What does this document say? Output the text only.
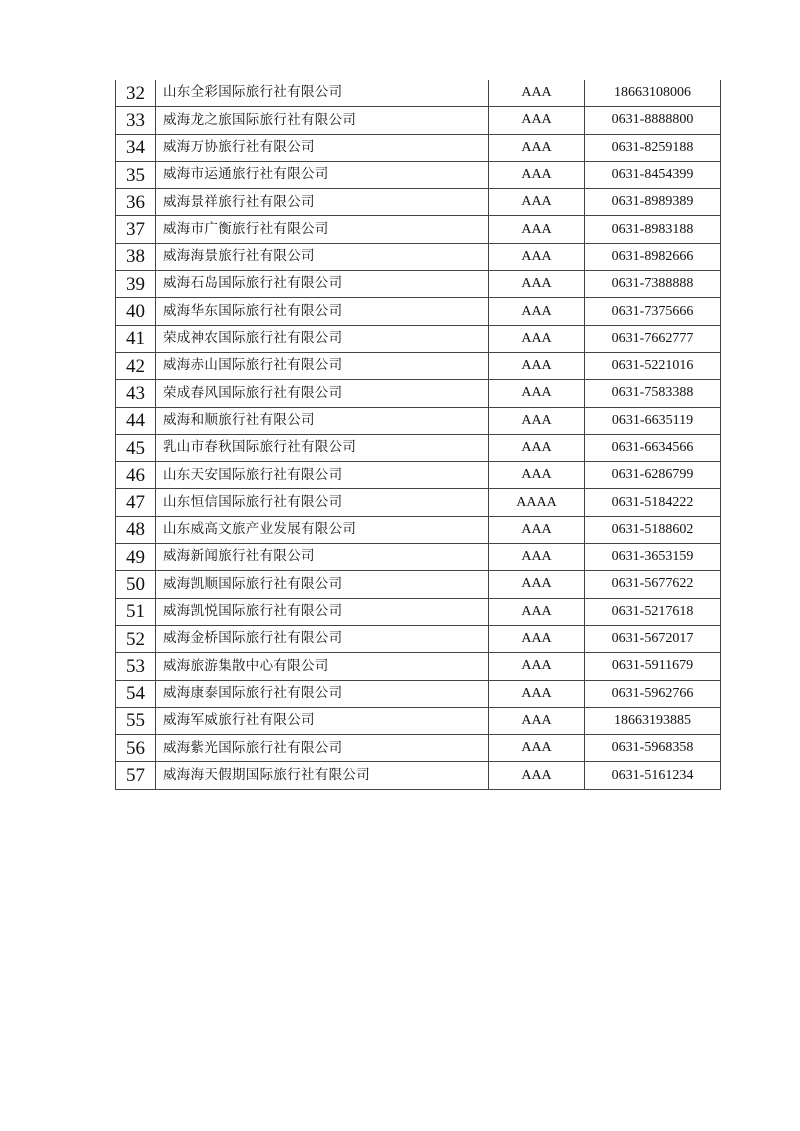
32	山东全彩国际旅行社有限公司	AAA	18663108006
33	威海龙之旅国际旅行社有限公司	AAA	0631-8888800
34	威海万协旅行社有限公司	AAA	0631-8259188
35	威海市运通旅行社有限公司	AAA	0631-8454399
36	威海景祥旅行社有限公司	AAA	0631-8989389
37	威海市广衡旅行社有限公司	AAA	0631-8983188
38	威海海景旅行社有限公司	AAA	0631-8982666
39	威海石岛国际旅行社有限公司	AAA	0631-7388888
40	威海华东国际旅行社有限公司	AAA	0631-7375666
41	荣成神农国际旅行社有限公司	AAA	0631-7662777
42	威海赤山国际旅行社有限公司	AAA	0631-5221016
43	荣成春风国际旅行社有限公司	AAA	0631-7583388
44	威海和顺旅行社有限公司	AAA	0631-6635119
45	乳山市春秋国际旅行社有限公司	AAA	0631-6634566
46	山东天安国际旅行社有限公司	AAA	0631-6286799
47	山东恒信国际旅行社有限公司	AAAA	0631-5184222
48	山东威高文旅产业发展有限公司	AAA	0631-5188602
49	威海新闻旅行社有限公司	AAA	0631-3653159
50	威海凯顺国际旅行社有限公司	AAA	0631-5677622
51	威海凯悦国际旅行社有限公司	AAA	0631-5217618
52	威海金桥国际旅行社有限公司	AAA	0631-5672017
53	威海旅游集散中心有限公司	AAA	0631-5911679
54	威海康泰国际旅行社有限公司	AAA	0631-5962766
55	威海军威旅行社有限公司	AAA	18663193885
56	威海紫光国际旅行社有限公司	AAA	0631-5968358
57	威海海天假期国际旅行社有限公司	AAA	0631-5161234
